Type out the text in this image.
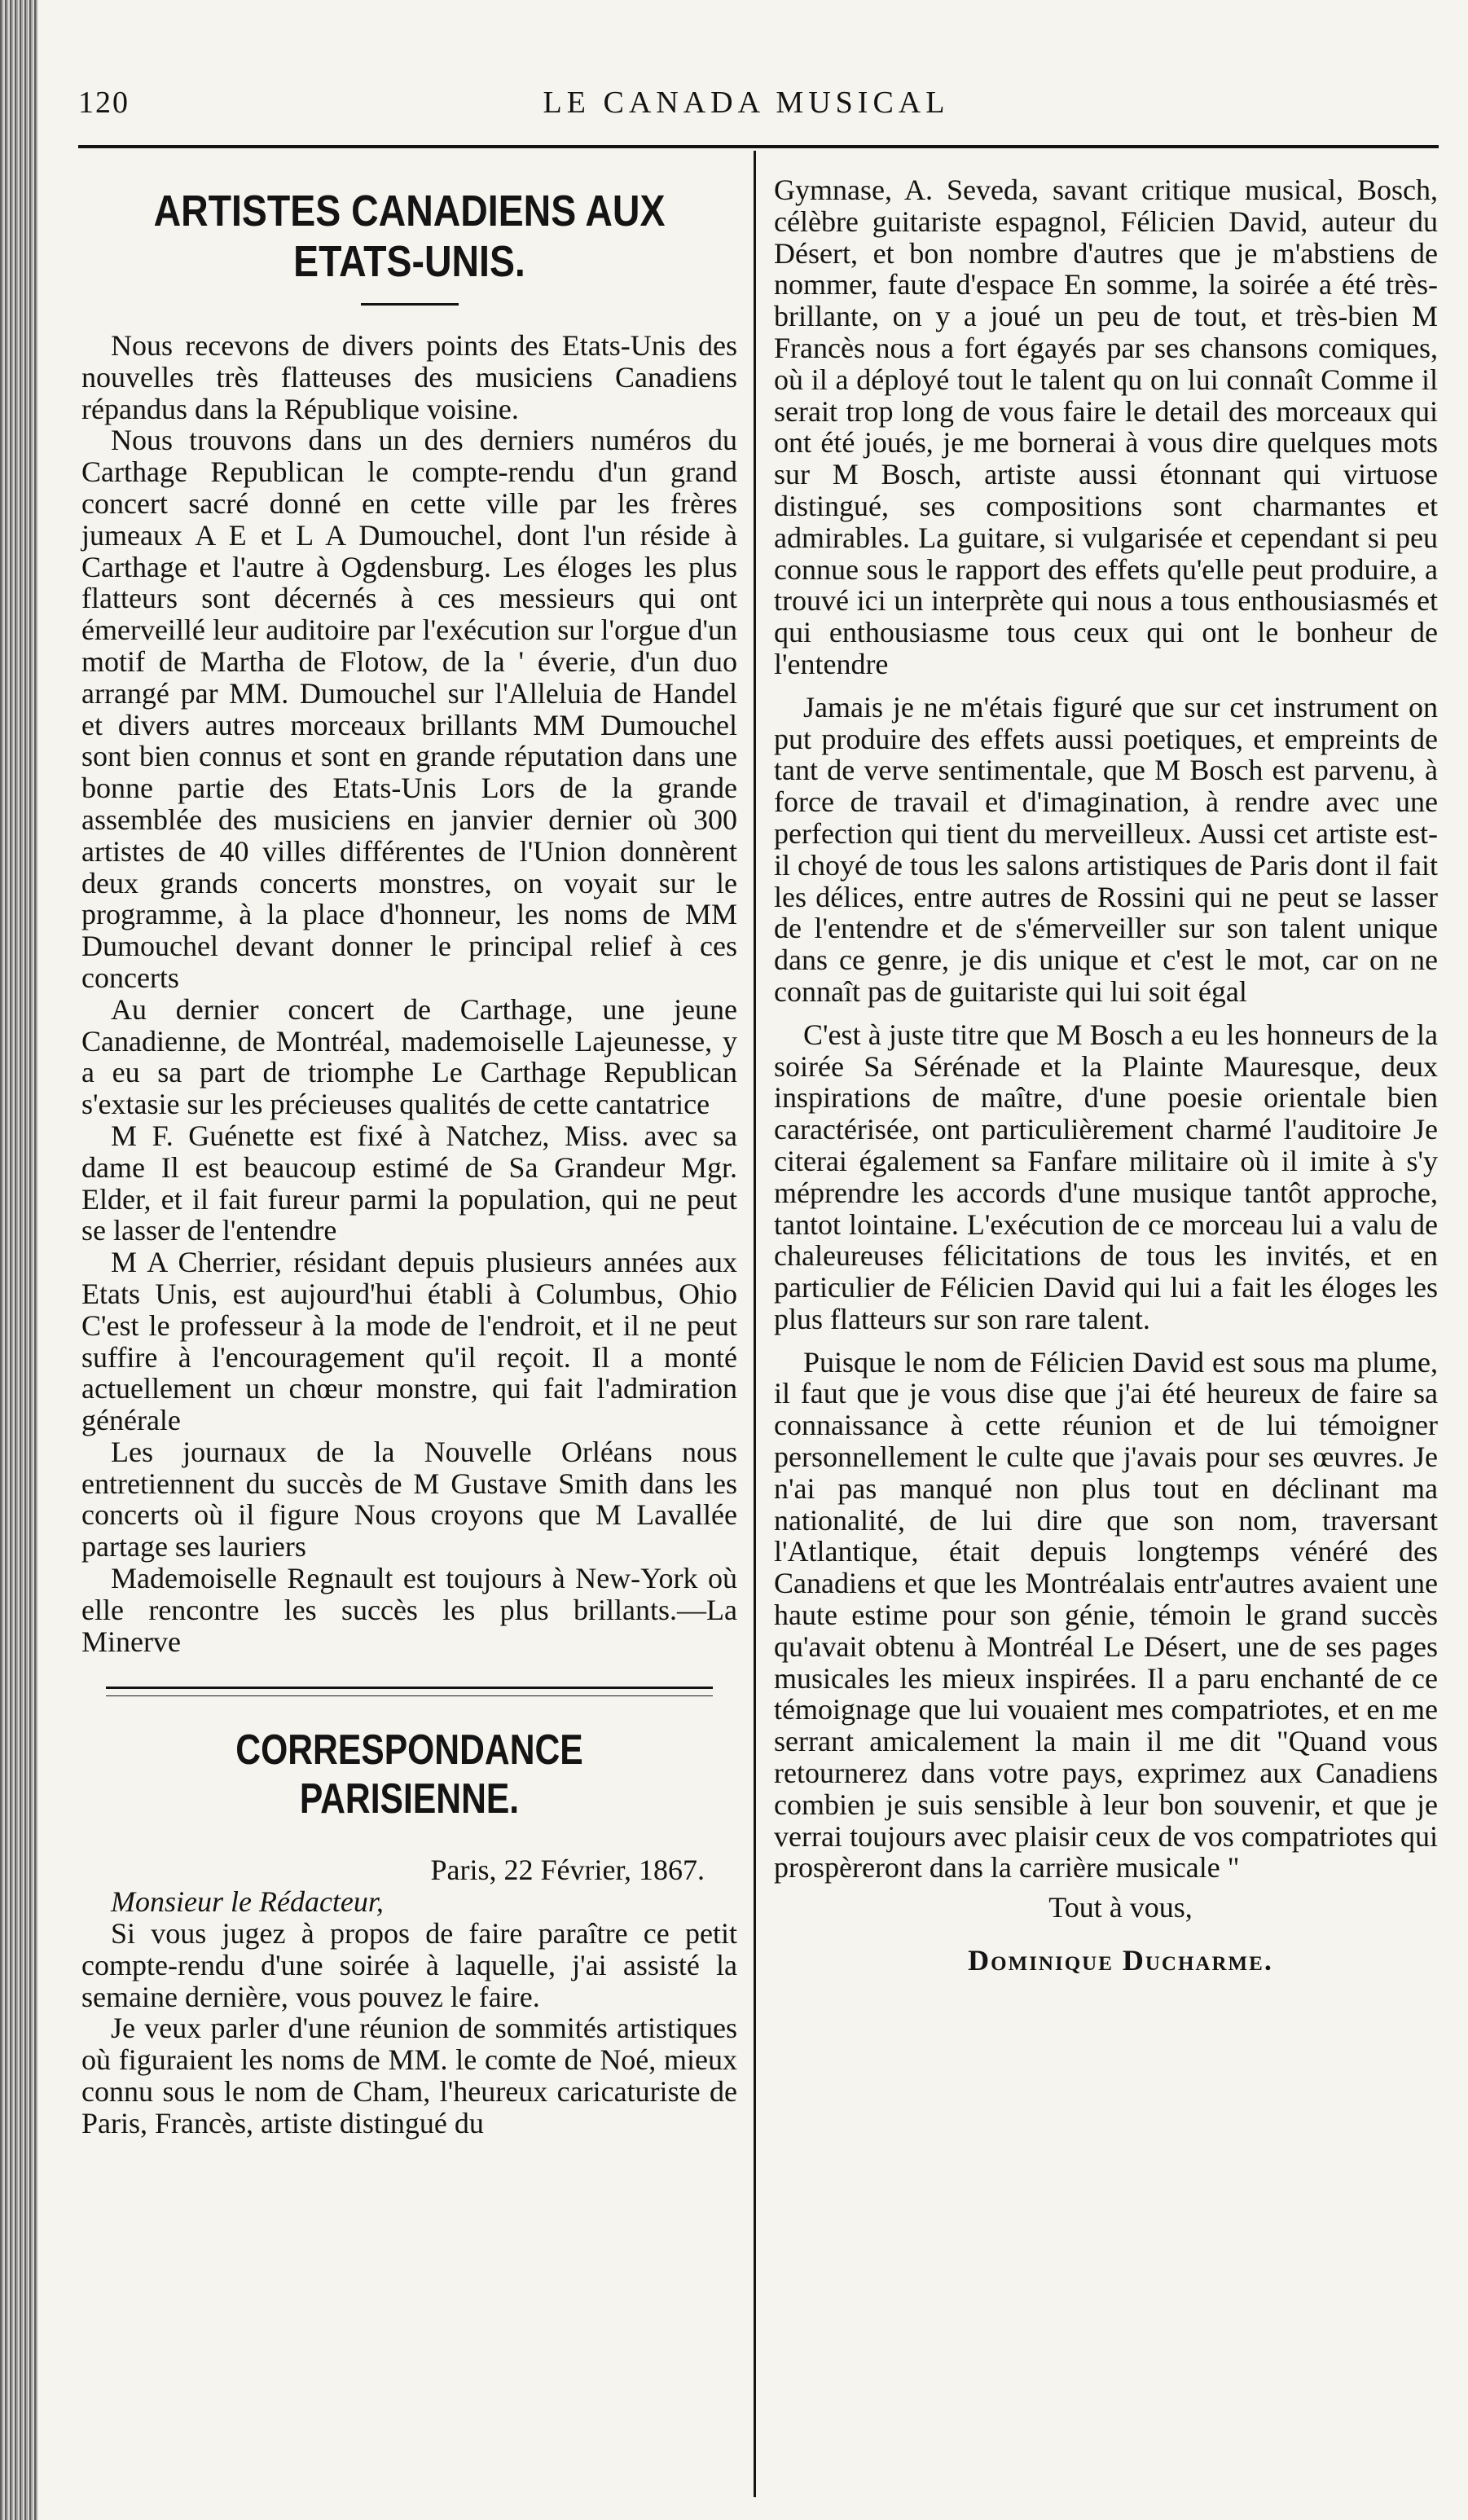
120	LE CANADA MUSICAL
ARTISTES CANADIENS AUX
ETATS-UNIS.

Nous recevons de divers points des Etats-Unis des nouvelles très flatteuses des musiciens Canadiens répandus dans la République voisine.

Nous trouvons dans un des derniers numéros du Carthage Republican le compte-rendu d'un grand concert sacré donné en cette ville par les frères jumeaux A E et L A Dumouchel, dont l'un réside à Carthage et l'autre à Ogdensburg. Les éloges les plus flatteurs sont décernés à ces messieurs qui ont émerveillé leur auditoire par l'exécution sur l'orgue d'un motif de Martha de Flotow, de la ' éverie, d'un duo arrangé par MM. Dumouchel sur l'Alleluia de Handel et divers autres morceaux brillants MM Dumouchel sont bien connus et sont en grande réputation dans une bonne partie des Etats-Unis Lors de la grande assemblée des musiciens en janvier dernier où 300 artistes de 40 villes différentes de l'Union donnèrent deux grands concerts monstres, on voyait sur le programme, à la place d'honneur, les noms de MM Dumouchel devant donner le principal relief à ces concerts

Au dernier concert de Carthage, une jeune Canadienne, de Montréal, mademoiselle Lajeunesse, y a eu sa part de triomphe Le Carthage Republican s'extasie sur les précieuses qualités de cette cantatrice

M F. Guénette est fixé à Natchez, Miss. avec sa dame Il est beaucoup estimé de Sa Grandeur Mgr. Elder, et il fait fureur parmi la population, qui ne peut se lasser de l'entendre

M A Cherrier, résidant depuis plusieurs années aux Etats Unis, est aujourd'hui établi à Columbus, Ohio C'est le professeur à la mode de l'endroit, et il ne peut suffire à l'encouragement qu'il reçoit. Il a monté actuellement un chœur monstre, qui fait l'admiration générale

Les journaux de la Nouvelle Orléans nous entretiennent du succès de M Gustave Smith dans les concerts où il figure Nous croyons que M Lavallée partage ses lauriers

Mademoiselle Regnault est toujours à New-York où elle rencontre les succès les plus brillants.—La Minerve

CORRESPONDANCE PARISIENNE.

Paris, 22 Février, 1867.

Monsieur le Rédacteur,

Si vous jugez à propos de faire paraître ce petit compte-rendu d'une soirée à laquelle, j'ai assisté la semaine dernière, vous pouvez le faire.

Je veux parler d'une réunion de sommités artistiques où figuraient les noms de MM. le comte de Noé, mieux connu sous le nom de Cham, l'heureux caricaturiste de Paris, Francès, artiste distingué du

Gymnase, A. Seveda, savant critique musical, Bosch, célèbre guitariste espagnol, Félicien David, auteur du Désert, et bon nombre d'autres que je m'abstiens de nommer, faute d'espace En somme, la soirée a été très-brillante, on y a joué un peu de tout, et très-bien M Francès nous a fort égayés par ses chansons comiques, où il a déployé tout le talent qu on lui connaît Comme il serait trop long de vous faire le detail des morceaux qui ont été joués, je me bornerai à vous dire quelques mots sur M Bosch, artiste aussi étonnant qui virtuose distingué, ses compositions sont charmantes et admirables. La guitare, si vulgarisée et cependant si peu connue sous le rapport des effets qu'elle peut produire, a trouvé ici un interprète qui nous a tous enthousiasmés et qui enthousiasme tous ceux qui ont le bonheur de l'entendre

Jamais je ne m'étais figuré que sur cet instrument on put produire des effets aussi poetiques, et empreints de tant de verve sentimentale, que M Bosch est parvenu, à force de travail et d'imagination, à rendre avec une perfection qui tient du merveilleux. Aussi cet artiste est-il choyé de tous les salons artistiques de Paris dont il fait les délices, entre autres de Rossini qui ne peut se lasser de l'entendre et de s'émerveiller sur son talent unique dans ce genre, je dis unique et c'est le mot, car on ne connaît pas de guitariste qui lui soit égal

C'est à juste titre que M Bosch a eu les honneurs de la soirée Sa Sérénade et la Plainte Mauresque, deux inspirations de maître, d'une poesie orientale bien caractérisée, ont particulièrement charmé l'auditoire Je citerai également sa Fanfare militaire où il imite à s'y méprendre les accords d'une musique tantôt approche, tantot lointaine. L'exécution de ce morceau lui a valu de chaleureuses félicitations de tous les invités, et en particulier de Félicien David qui lui a fait les éloges les plus flatteurs sur son rare talent.

Puisque le nom de Félicien David est sous ma plume, il faut que je vous dise que j'ai été heureux de faire sa connaissance à cette réunion et de lui témoigner personnellement le culte que j'avais pour ses œuvres. Je n'ai pas manqué non plus tout en déclinant ma nationalité, de lui dire que son nom, traversant l'Atlantique, était depuis longtemps vénéré des Canadiens et que les Montréalais entr'autres avaient une haute estime pour son génie, témoin le grand succès qu'avait obtenu à Montréal Le Désert, une de ses pages musicales les mieux inspirées. Il a paru enchanté de ce témoignage que lui vouaient mes compatriotes, et en me serrant amicalement la main il me dit "Quand vous retournerez dans votre pays, exprimez aux Canadiens combien je suis sensible à leur bon souvenir, et que je verrai toujours avec plaisir ceux de vos compatriotes qui prospèreront dans la carrière musicale "

Tout à vous,

Dominique Ducharme.
